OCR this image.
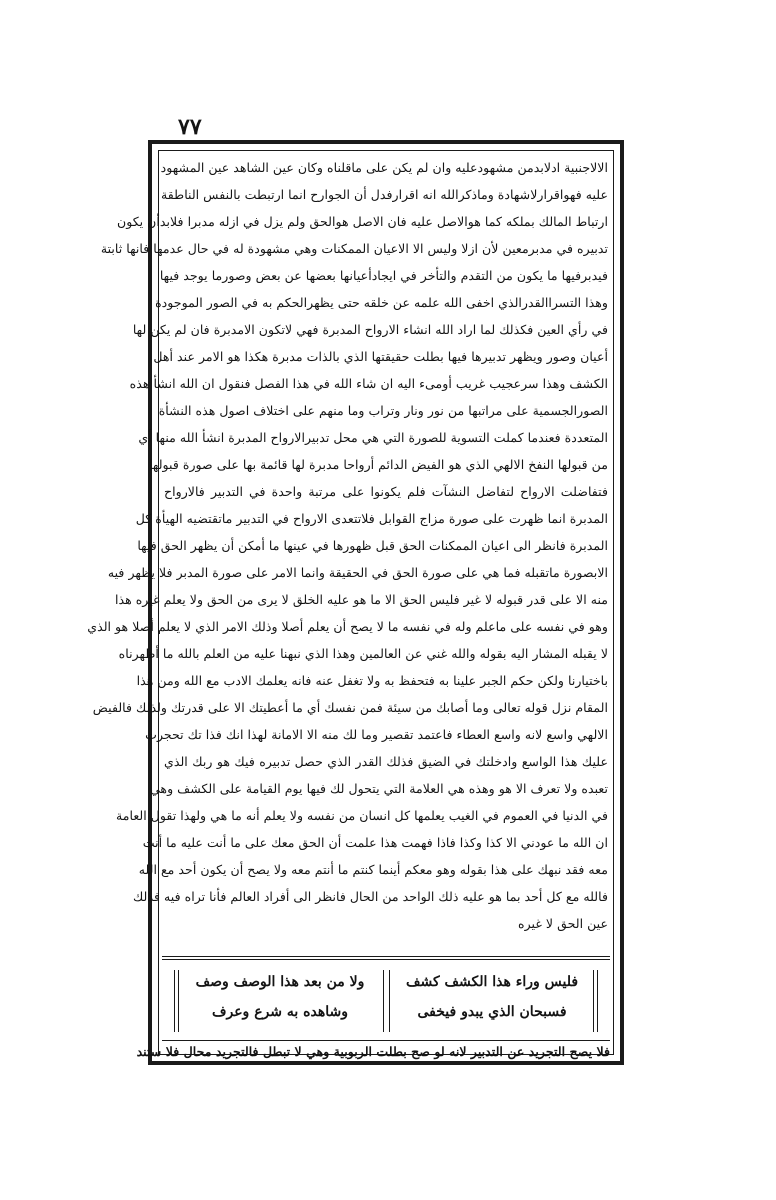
٧٧
الالاجنبية ادلابدمن مشهودعلیه وان لم يكن على ماقلناه وكان عين الشاهد عين المشهود
عليه فهواقرارلاشهادة وماذكرالله انه اقرارفدل أن الجوارح انما ارتبطت بالنفس الناطقة
ارتباط المالك بملكه كما هوالاصل عليه فان الاصل هوالحق ولم يزل في ازله مدبرا فلابدأن يكون
تدبيره في مدبرمعين لأن ازلا وليس الا الاعيان الممكنات وهي مشهودة له في حال عدمها فانها ثابتة
فيدبرفيها ما يكون من التقدم والتأخر في ايجادأعيانها بعضها عن بعض وصورما يوجد فيها
وهذا التسراالقدرالذي اخفى الله علمه عن خلقه حتى يظهرالحكم به في الصور الموجودة
في رأي العين فكذلك لما اراد الله انشاء الارواح المدبرة فهي لاتكون الامدبرة فان لم يكن لها
أعيان وصور ويظهر تدبيرها فيها بطلت حقيقتها الذي بالذات مدبرة هكذا هو الامر عند أهل
الكشف وهذا سرعجيب غريب أومىء اليه ان شاء الله في هذا الفصل فنقول ان الله انشأ هذه
الصورالجسمية على مراتبها من نور ونار وتراب وما منهم على اختلاف اصول هذه النشأة
المتعددة فعندما كملت التسوية للصورة التي هي محل تدبيرالارواح المدبرة انشأ الله منها أي
من قبولها النفخ الالهي الذي هو الفيض الدائم أرواحا مدبرة لها قائمة بها على صورة قبولها
فتفاضلت الارواح لتفاضل النشآت فلم يكونوا على مرتبة واحدة في التدبير فالارواح
المدبرة انما ظهرت على صورة مزاج القوابل فلاتتعدى الارواح في التدبير ماتقتضيه الهيأة كل
المدبرة فانظر الى اعيان الممكنات الحق قبل ظهورها في عينها ما أمكن أن يظهر الحق فيها
الابصورة ماتقبله فما هي على صورة الحق في الحقيقة وانما الامر على صورة المدبر فلا يظهر فيه
منه الا على قدر قبوله لا غير فليس الحق الا ما هو عليه الخلق لا يرى من الحق ولا يعلم غيره هذا
وهو في نفسه على ماعلم وله في نفسه ما لا يصح أن يعلم أصلا وذلك الامر الذي لا يعلم أصلا هو الذي
لا يقبله المشار اليه بقوله والله غني عن العالمين وهذا الذي نبهنا عليه من العلم بالله ما أظهرناه
باختيارنا ولكن حكم الجبر علينا به فتحفظ به ولا تغفل عنه فانه يعلمك الادب مع الله ومن هذا
المقام نزل قوله تعالى وما أصابك من سيئة فمن نفسك أي ما أعطيتك الا على قدرتك ولذلك فالفيض
الالهي واسع لانه واسع العطاء فاعتمد تقصير وما لك منه الا الامانة لهذا انك فذا تك تحجرت
عليك هذا الواسع وادخلتك في الضيق فذلك القدر الذي حصل تدبيره فيك هو ربك الذي
تعبده ولا تعرف الا هو وهذه هي العلامة التي يتحول لك فيها يوم القيامة على الكشف وهي
في الدنيا في العموم في الغيب يعلمها كل انسان من نفسه ولا يعلم أنه ما هي ولهذا تقول العامة
ان الله ما عودني الا كذا وكذا فاذا فهمت هذا علمت أن الحق معك على ما أنت عليه ما أنت
معه فقد نبهك على هذا بقوله وهو معكم أينما كنتم ما أنتم معه ولا يصح أن يكون أحد مع الله
فالله مع كل أحد بما هو عليه ذلك الواحد من الحال فانظر الى أفراد العالم فأنا تراه فيه فذلك
عين الحق لا غيره
فليس وراء هذا الكشف كشف
ولا من بعد هذا الوصف وصف
فسبحان الذي يبدو فيخفى
وشاهده به شرع وعرف
فلا يصح التجريد عن التدبير لانه لو صح بطلت الربوبية وهي لا تبطل فالتجريد محال فلا ستند
